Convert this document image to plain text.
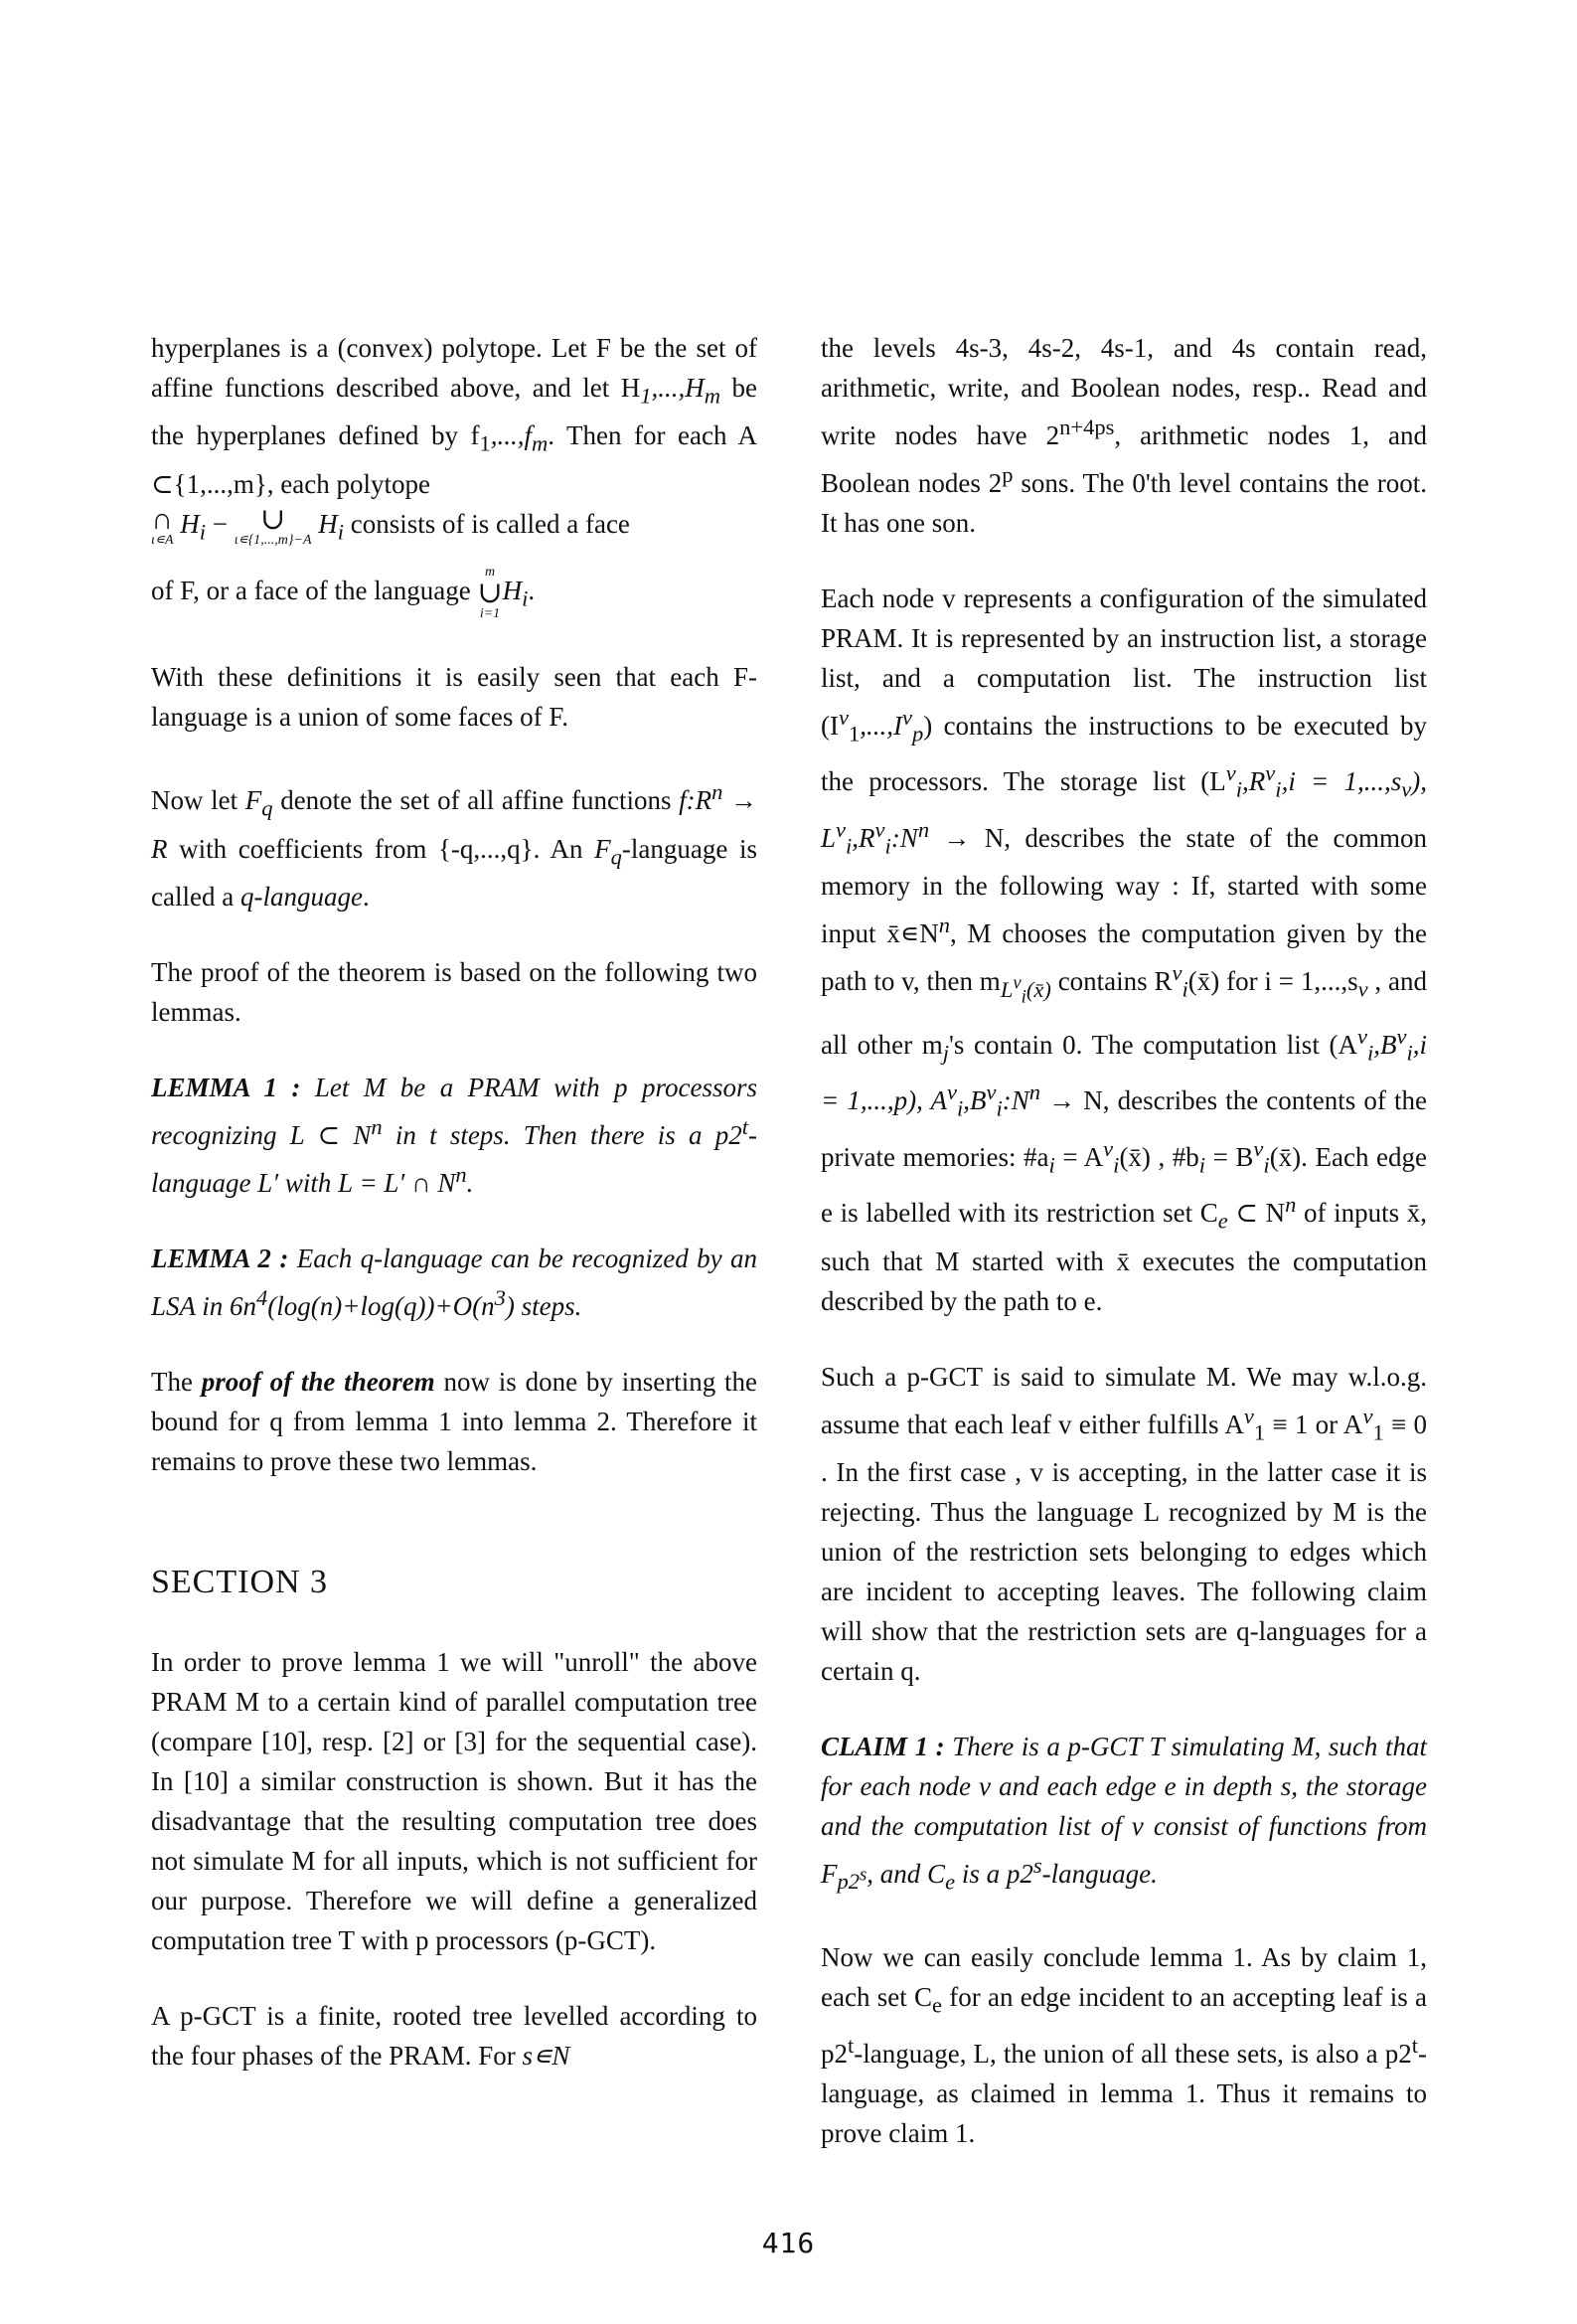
hyperplanes is a (convex) polytope. Let F be the set of affine functions described above, and let $H_1,...,H_m$ be the hyperplanes defined by $f_1,...,f_m$. Then for each A ⊂{1,...,m}, each polytope
∩
ι∊A
$H_i$ − ∪
ι∊{1,...,m}−A
$H_i$ consists of is called a face
of F, or a face of the language
m
∪
i=1
$H_i$.

With these definitions it is easily seen that each F-language is a union of some faces of F.

Now let $F_q$ denote the set of all affine functions $f:R^n \to R$ with coefficients from {-q,...,q}. An $F_q$-language is called a q-language.

The proof of the theorem is based on the following two lemmas.

LEMMA 1 : Let M be a PRAM with p processors recognizing L ⊂ $N^n$ in t steps. Then there is a p2$^t$-language L′ with L = L′ ∩ $N^n$.

LEMMA 2 : Each q-language can be recognized by an LSA in $6n^4(\log(n)+\log(q))+O(n^3)$ steps.

The proof of the theorem now is done by inserting the bound for q from lemma 1 into lemma 2. Therefore it remains to prove these two lemmas.

SECTION 3

In order to prove lemma 1 we will "unroll" the above PRAM M to a certain kind of parallel computation tree (compare [10], resp. [2] or [3] for the sequential case). In [10] a similar construction is shown. But it has the disadvantage that the resulting computation tree does not simulate M for all inputs, which is not sufficient for our purpose. Therefore we will define a generalized computation tree T with p processors (p-GCT).

A p-GCT is a finite, rooted tree levelled according to the four phases of the PRAM. For s∊N

the levels 4s-3, 4s-2, 4s-1, and 4s contain read, arithmetic, write, and Boolean nodes, resp.. Read and write nodes have $2^{n+4ps}$, arithmetic nodes 1, and Boolean nodes 2$^p$ sons. The 0'th level contains the root. It has one son.

Each node v represents a configuration of the simulated PRAM. It is represented by an instruction list, a storage list, and a computation list. The instruction list $(I^v_1,...,I^v_p)$ contains the instructions to be executed by the processors. The storage list $(L^v_i,R^v_i,i = 1,...,s_v)$, $L^v_i,R^v_i:N^n \to N$, describes the state of the common memory in the following way : If, started with some input $x̄∊N^n$, M chooses the computation given by the path to v, then $m_{L^v_i(x̄)}$ contains $R^v_i(x̄)$ for $i = 1,...,s_v$ , and all other $m_j's$ contain 0. The computation list $(A^v_i,B^v_i,i = 1,...,p)$, $A^v_i,B^v_i:N^n \to N$, describes the contents of the private memories: $\#a_i$ = $A^v_i(x̄)$ , $\#b_i$ = $B^v_i(x̄)$. Each edge e is labelled with its restriction set $C_e$ ⊂ $N^n$ of inputs x̄, such that M started with x̄ executes the computation described by the path to e.

Such a p-GCT is said to simulate M. We may w.l.o.g. assume that each leaf v either fulfills $A^v_1 \equiv 1$ or $A^v_1 \equiv 0$ . In the first case , v is accepting, in the latter case it is rejecting. Thus the language L recognized by M is the union of the restriction sets belonging to edges which are incident to accepting leaves. The following claim will show that the restriction sets are q-languages for a certain q.

CLAIM 1 : There is a p-GCT T simulating M, such that for each node v and each edge e in depth s, the storage and the computation list of v consist of functions from $F_{p2^s}$, and $C_e$ is a p2$^s$-language.

Now we can easily conclude lemma 1. As by claim 1, each set $C_e$ for an edge incident to an accepting leaf is a p2$^t$-language, L, the union of all these sets, is also a p2$^t$-language, as claimed in lemma 1. Thus it remains to prove claim 1.

416
